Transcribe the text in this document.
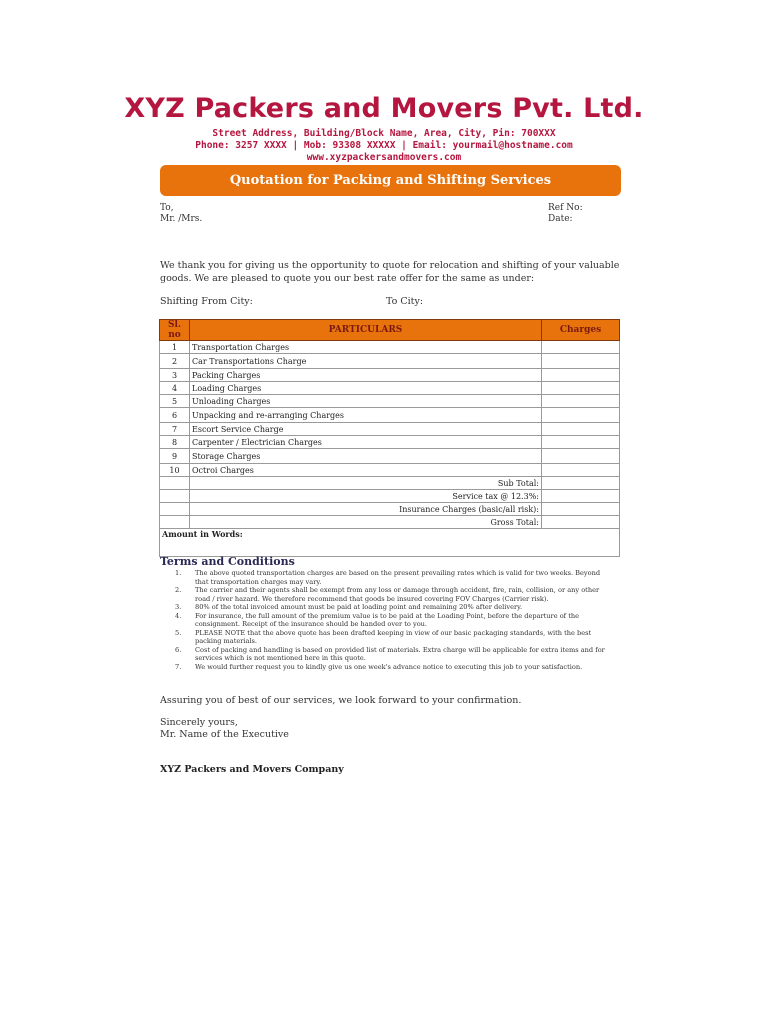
XYZ Packers and Movers Pvt. Ltd.
Street Address, Building/Block Name, Area, City, Pin: 700XXX
Phone: 3257 XXXX | Mob: 93308 XXXXX | Email: yourmail@hostname.com
www.xyzpackersandmovers.com
Quotation for Packing and Shifting Services
To,
Mr. /Mrs.
Ref No:
Date:
We thank you for giving us the opportunity to quote for relocation and shifting of your valuable goods. We are pleased to quote you our best rate offer for the same as under:
Shifting From City:	To City:
Sl. no	PARTICULARS	Charges
1	Transportation Charges	
2	Car Transportations Charge	
3	Packing Charges	
4	Loading Charges	
5	Unloading Charges	
6	Unpacking and re-arranging Charges	
7	Escort Service Charge	
8	Carpenter / Electrician Charges	
9	Storage Charges	
10	Octroi Charges	
	Sub Total:	
	Service tax @ 12.3%:	
	Insurance Charges (basic/all risk):	
	Gross Total:	
Amount in Words:		
Terms and Conditions
1. The above quoted transportation charges are based on the present prevailing rates which is valid for two weeks. Beyond that transportation charges may vary.
2. The carrier and their agents shall be exempt from any loss or damage through accident, fire, rain, collision, or any other road / river hazard. We therefore recommend that goods be insured covering FOV Charges (Carrier risk).
3. 80% of the total invoiced amount must be paid at loading point and remaining 20% after delivery.
4. For insurance, the full amount of the premium value is to be paid at the Loading Point, before the departure of the consignment. Receipt of the insurance should be handed over to you.
5. PLEASE NOTE that the above quote has been drafted keeping in view of our basic packaging standards, with the best packing materials.
6. Cost of packing and handling is based on provided list of materials. Extra charge will be applicable for extra items and for services which is not mentioned here in this quote.
7. We would further request you to kindly give us one week's advance notice to executing this job to your satisfaction.
Assuring you of best of our services, we look forward to your confirmation.
Sincerely yours,
Mr. Name of the Executive
XYZ Packers and Movers Company
